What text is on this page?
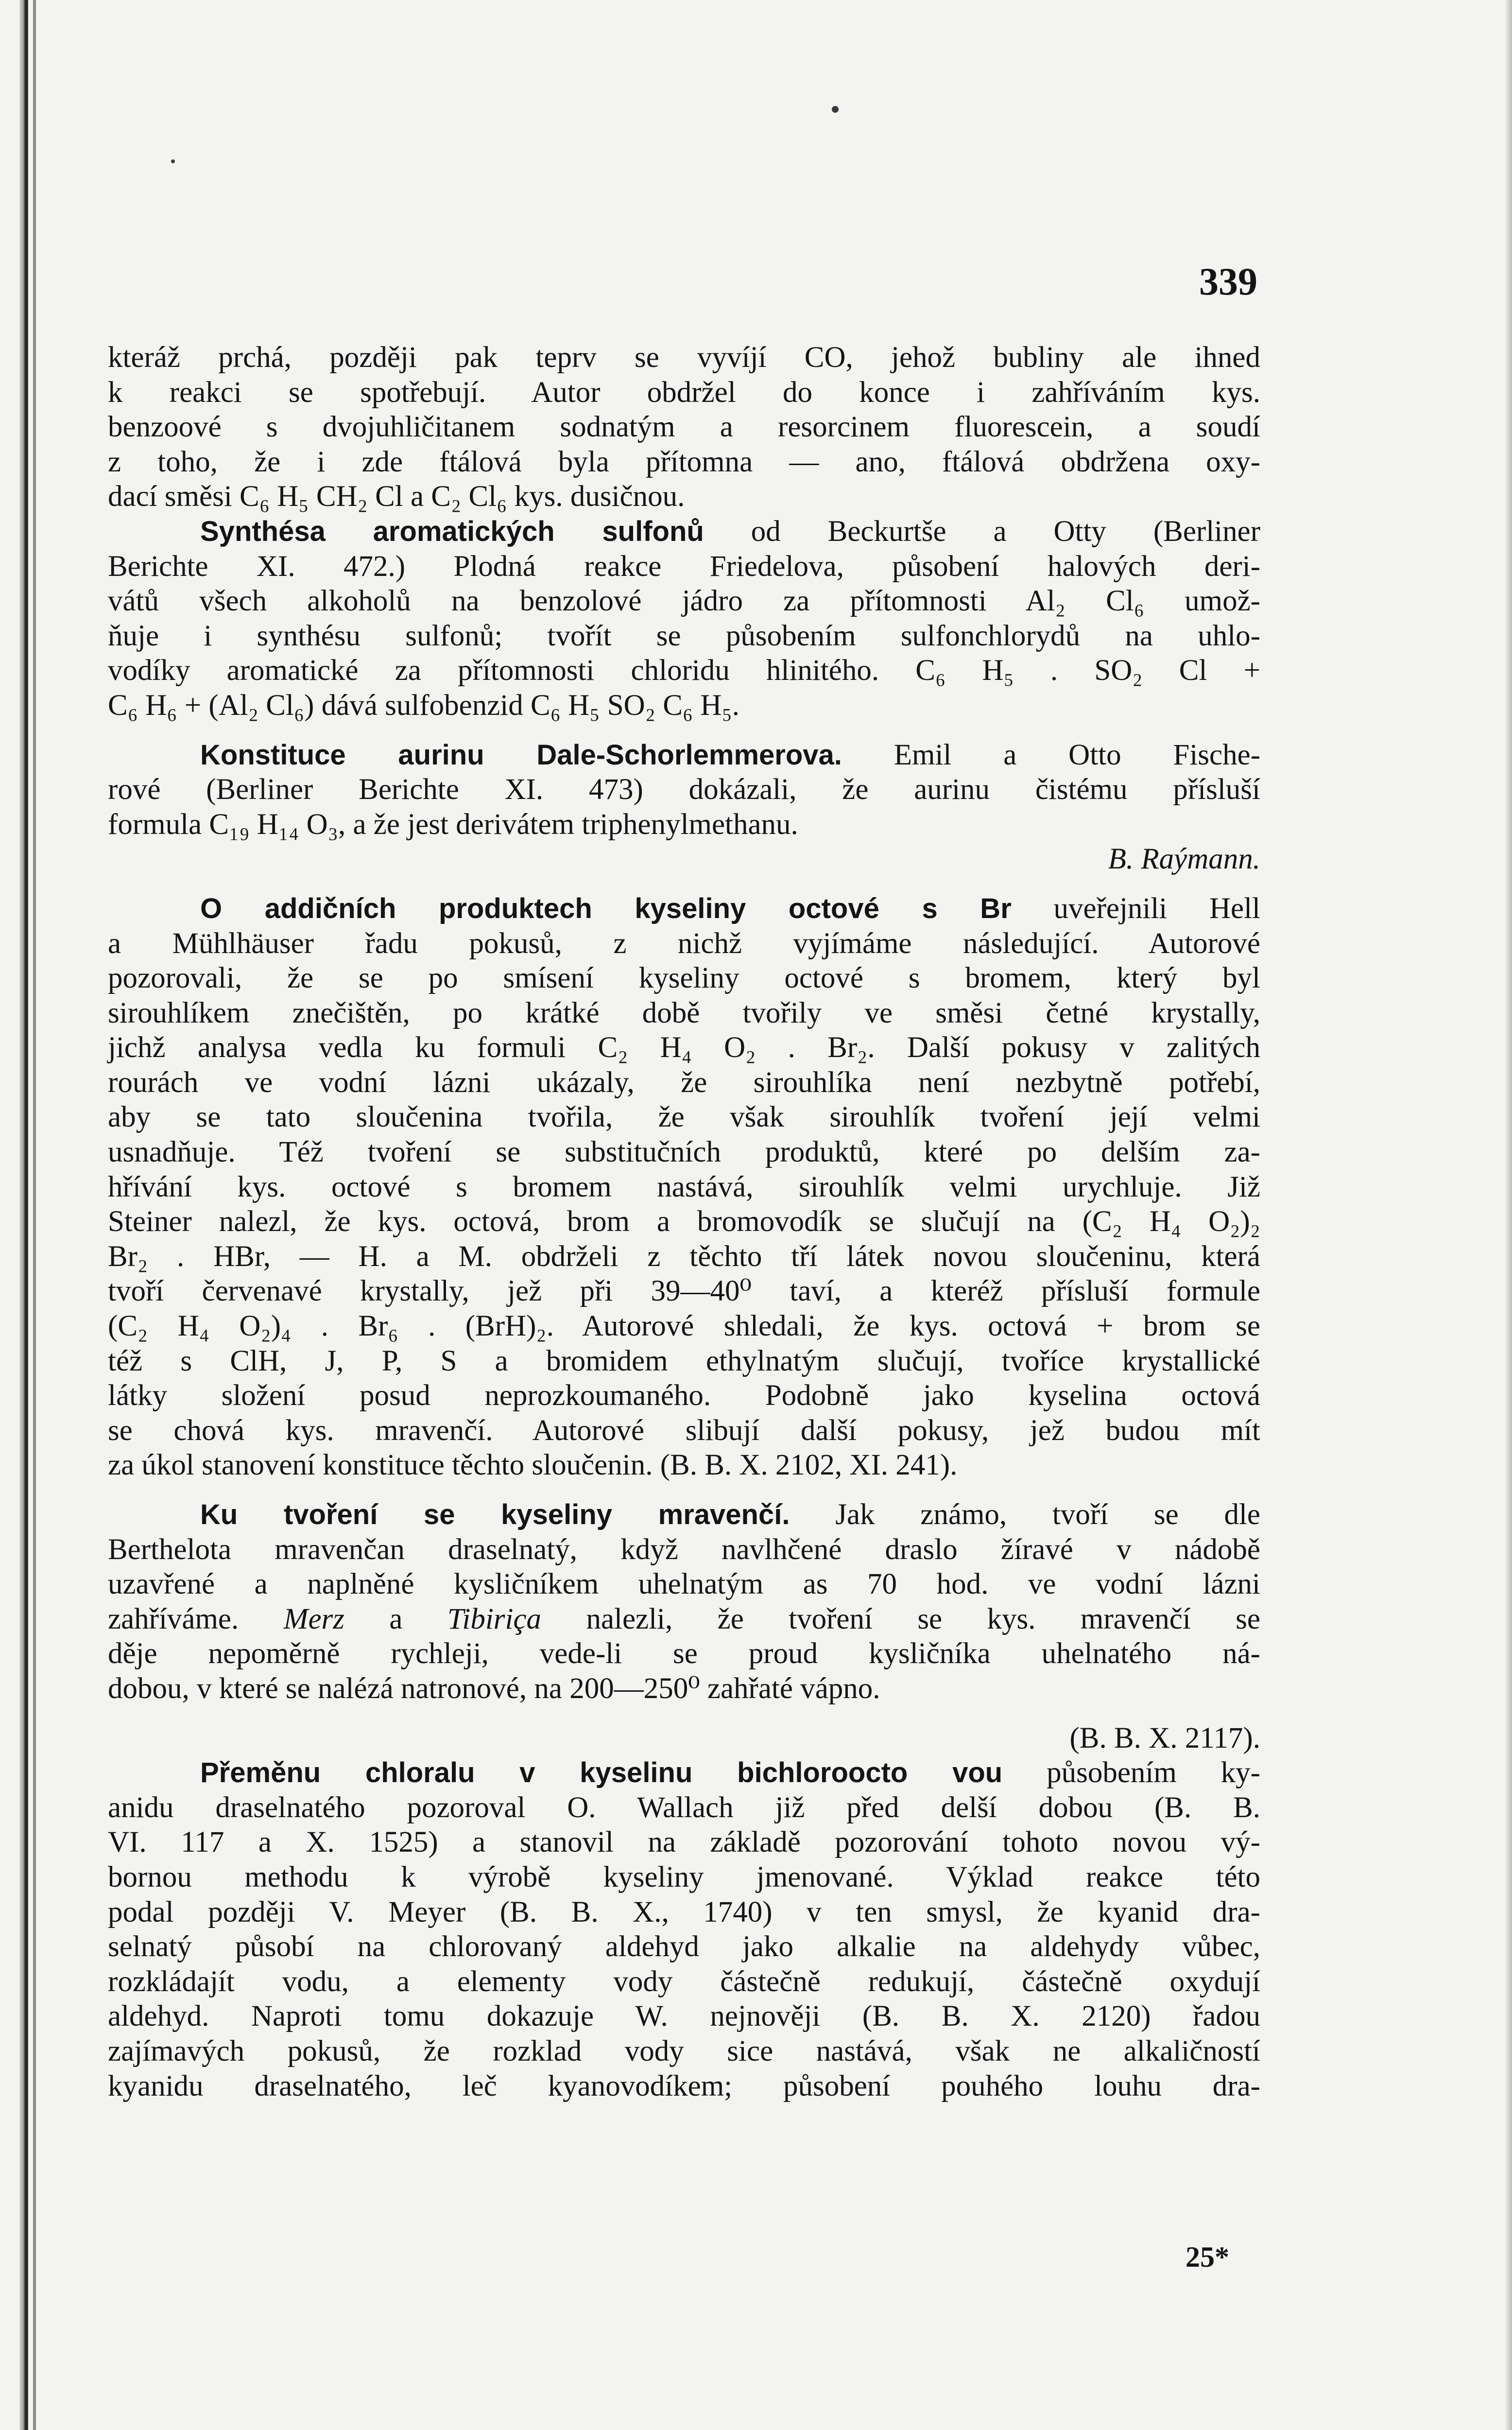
339
kteráž prchá, později pak teprv se vyvíjí CO, jehož bubliny ale ihned
k reakci se spotřebují. Autor obdržel do konce i zahříváním kys.
benzoové s dvojuhličitanem sodnatým a resorcinem fluorescein, a soudí
z toho, že i zde ftálová byla přítomna — ano, ftálová obdržena oxy-
dací směsi C₆ H₅ CH₂ Cl a C₂ Cl₆ kys. dusičnou.
Synthésa aromatických sulfonů od Beckurtše a Otty (Berliner
Berichte XI. 472.) Plodná reakce Friedelova, působení halových deri-
vátů všech alkoholů na benzolové jádro za přítomnosti Al₂ Cl₆ umož-
ňuje i synthésu sulfonů; tvořít se působením sulfonchlorydů na uhlo-
vodíky aromatické za přítomnosti chloridu hlinitého. C₆ H₅ . SO₂ Cl +
C₆ H₆ + (Al₂ Cl₆) dává sulfobenzid C₆ H₅ SO₂ C₆ H₅.
Konstituce aurinu Dale-Schorlemmerova. Emil a Otto Fische-
rové (Berliner Berichte XI. 473) dokázali, že aurinu čistému přísluší
formula C₁₉ H₁₄ O₃, a že jest derivátem triphenylmethanu.
B. Raýmann.
O addičních produktech kyseliny octové s Br uveřejnili Hell
a Mühlhäuser řadu pokusů, z nichž vyjímáme následující. Autorové
pozorovali, že se po smísení kyseliny octové s bromem, který byl
sirouhlíkem znečištěn, po krátké době tvořily ve směsi četné krystally,
jichž analysa vedla ku formuli C₂ H₄ O₂ . Br₂. Další pokusy v zalitých
rourách ve vodní lázni ukázaly, že sirouhlíka není nezbytně potřebí,
aby se tato sloučenina tvořila, že však sirouhlík tvoření její velmi
usnadňuje. Též tvoření se substitučních produktů, které po delším za-
hřívání kys. octové s bromem nastává, sirouhlík velmi urychluje. Již
Steiner nalezl, že kys. octová, brom a bromovodík se slučují na (C₂ H₄ O₂)₂
Br₂ . HBr, — H. a M. obdrželi z těchto tří látek novou sloučeninu, která
tvoří červenavé krystally, jež při 39—40⁰ taví, a kteréž přísluší formule
(C₂ H₄ O₂)₄ . Br₆ . (BrH)₂. Autorové shledali, že kys. octová + brom se
též s ClH, J, P, S a bromidem ethylnatým slučují, tvoříce krystallické
látky složení posud neprozkoumaného. Podobně jako kyselina octová
se chová kys. mravenčí. Autorové slibují další pokusy, jež budou mít
za úkol stanovení konstituce těchto sloučenin. (B. B. X. 2102, XI. 241).
Ku tvoření se kyseliny mravenčí. Jak známo, tvoří se dle
Berthelota mravenčan draselnatý, když navlhčené draslo žíravé v nádobě
uzavřené a naplněné kysličníkem uhelnatým as 70 hod. ve vodní lázni
zahříváme. Merz a Tibiriça nalezli, že tvoření se kys. mravenčí se
děje nepoměrně rychleji, vede-li se proud kysličníka uhelnatého ná-
dobou, v které se nalézá natronové, na 200—250⁰ zahřaté vápno.
(B. B. X. 2117).
Přeměnu chloralu v kyselinu bichloroocto vou působením ky-
anidu draselnatého pozoroval O. Wallach již před delší dobou (B. B.
VI. 117 a X. 1525) a stanovil na základě pozorování tohoto novou vý-
bornou methodu k výrobě kyseliny jmenované. Výklad reakce této
podal později V. Meyer (B. B. X., 1740) v ten smysl, že kyanid dra-
selnatý působí na chlorovaný aldehyd jako alkalie na aldehydy vůbec,
rozkládajít vodu, a elementy vody částečně redukují, částečně oxydují
aldehyd. Naproti tomu dokazuje W. nejnověji (B. B. X. 2120) řadou
zajímavých pokusů, že rozklad vody sice nastává, však ne alkaličností
kyanidu draselnatého, leč kyanovodíkem; působení pouhého louhu dra-
25*
